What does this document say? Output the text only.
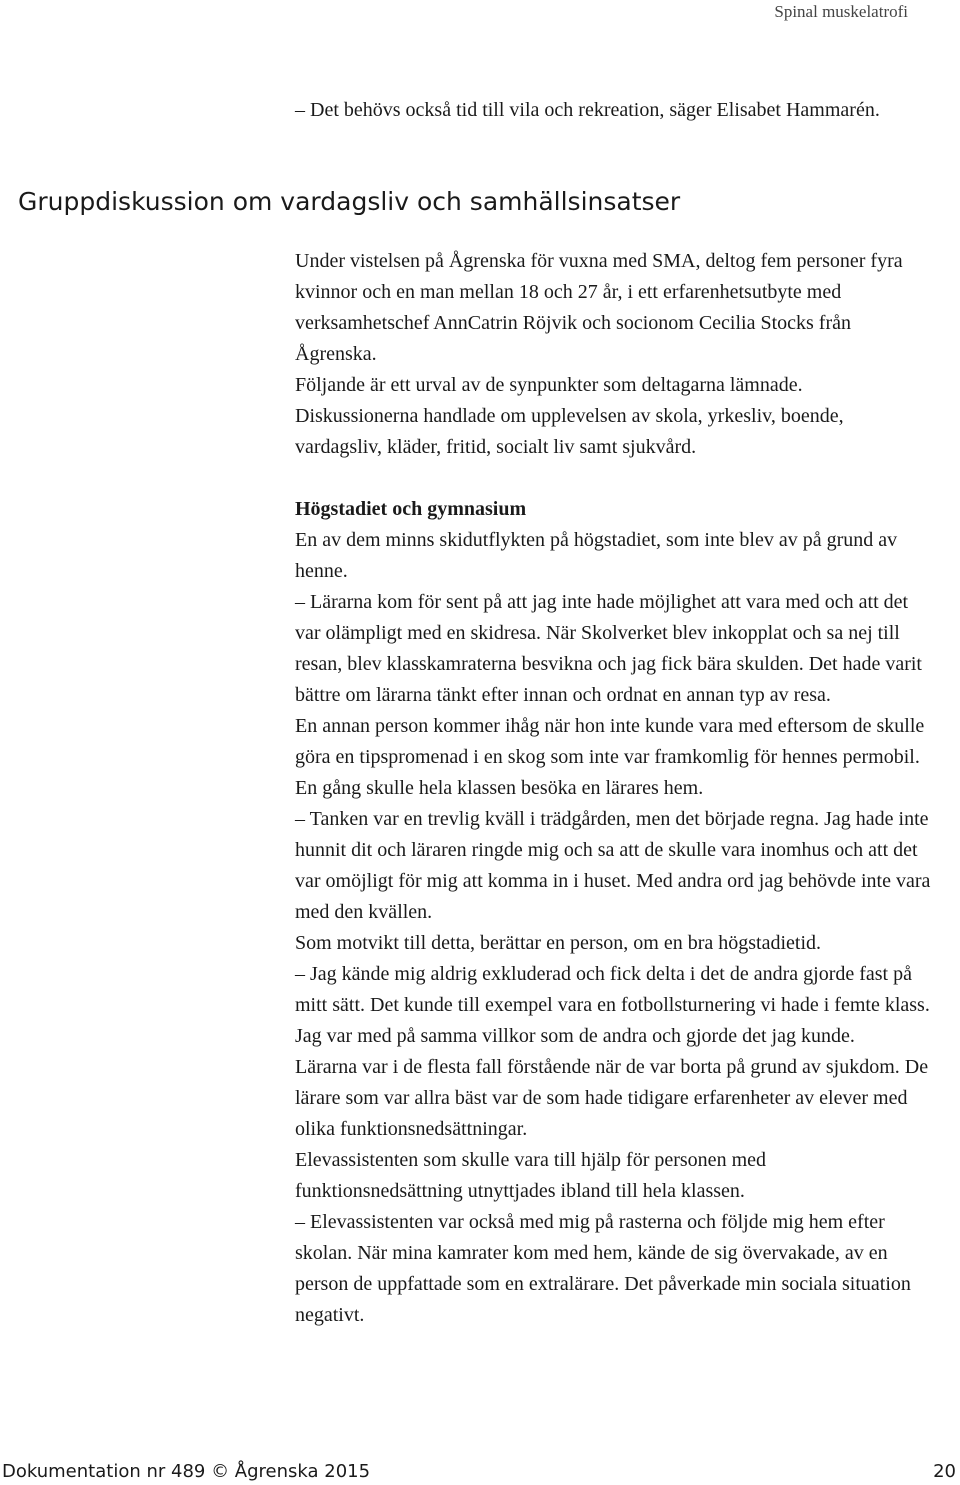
Spinal muskelatrofi

– Det behövs också tid till vila och rekreation, säger Elisabet Hammarén.

Gruppdiskussion om vardagsliv och samhällsinsatser

Under vistelsen på Ågrenska för vuxna med SMA, deltog fem personer fyra kvinnor och en man mellan 18 och 27 år, i ett erfarenhetsutbyte med verksamhetschef AnnCatrin Röjvik och socionom Cecilia Stocks från Ågrenska.

Följande är ett urval av de synpunkter som deltagarna lämnade.

Diskussionerna handlade om upplevelsen av skola, yrkesliv, boende, vardagsliv, kläder, fritid, socialt liv samt sjukvård.

Högstadiet och gymnasium

En av dem minns skidutflykten på högstadiet, som inte blev av på grund av henne.

– Lärarna kom för sent på att jag inte hade möjlighet att vara med och att det var olämpligt med en skidresa. När Skolverket blev inkopplat och sa nej till resan, blev klasskamraterna besvikna och jag fick bära skulden. Det hade varit bättre om lärarna tänkt efter innan och ordnat en annan typ av resa.

En annan person kommer ihåg när hon inte kunde vara med eftersom de skulle göra en tipspromenad i en skog som inte var framkomlig för hennes permobil.

En gång skulle hela klassen besöka en lärares hem.

– Tanken var en trevlig kväll i trädgården, men det började regna. Jag hade inte hunnit dit och läraren ringde mig och sa att de skulle vara inomhus och att det var omöjligt för mig att komma in i huset. Med andra ord jag behövde inte vara med den kvällen.

Som motvikt till detta, berättar en person, om en bra högstadietid.

– Jag kände mig aldrig exkluderad och fick delta i det de andra gjorde fast på mitt sätt. Det kunde till exempel vara en fotbollsturnering vi hade i femte klass. Jag var med på samma villkor som de andra och gjorde det jag kunde.

Lärarna var i de flesta fall förstående när de var borta på grund av sjukdom. De lärare som var allra bäst var de som hade tidigare erfarenheter av elever med olika funktionsnedsättningar.

Elevassistenten som skulle vara till hjälp för personen med funktionsnedsättning utnyttjades ibland till hela klassen.

– Elevassistenten var också med mig på rasterna och följde mig hem efter skolan. När mina kamrater kom med hem, kände de sig övervakade, av en person de uppfattade som en extralärare. Det påverkade min sociala situation negativt.

Dokumentation nr 489 © Ågrenska 2015	20
